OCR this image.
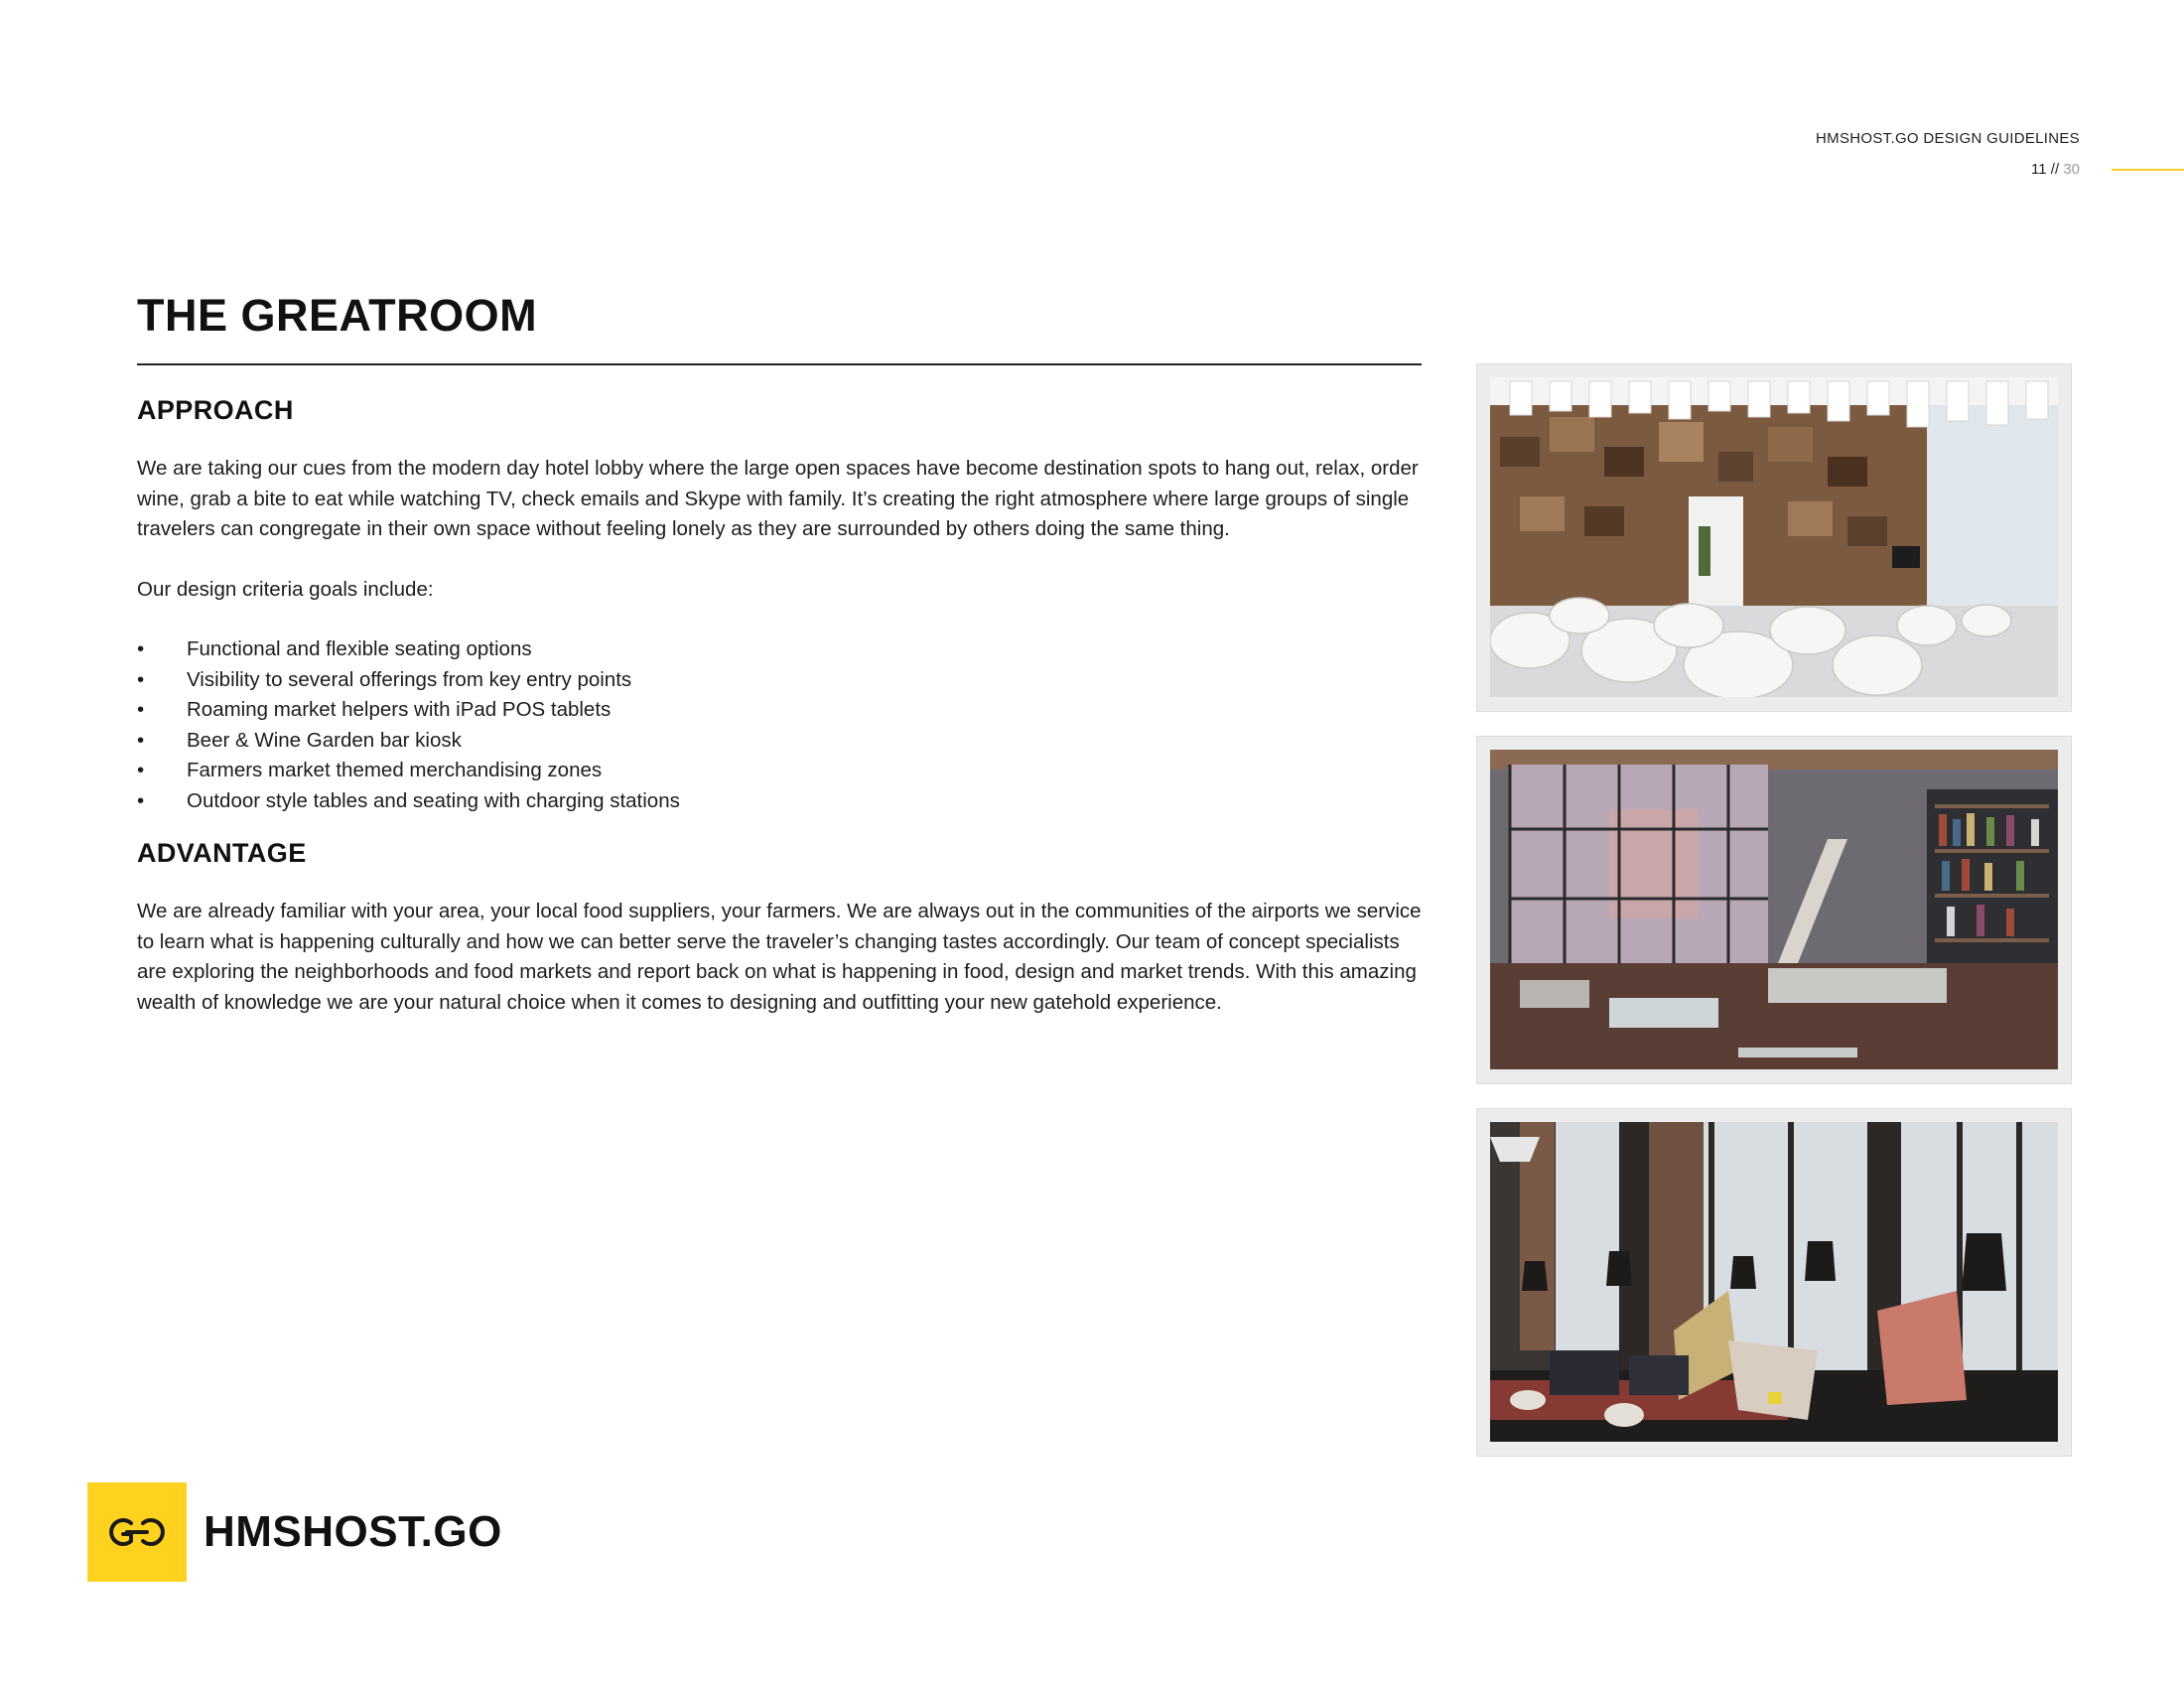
HMSHOST.GO DESIGN GUIDELINES
11 // 30
THE GREATROOM
APPROACH

We are taking our cues from the modern day hotel lobby where the large open spaces have become destination spots to hang out, relax, order wine, grab a bite to eat while watching TV, check emails and Skype with family. It’s creating the right atmosphere where large groups of single travelers can congregate in their own space without feeling lonely as they are surrounded by others doing the same thing.

Our design criteria goals include:

• Functional and flexible seating options
• Visibility to several offerings from key entry points
• Roaming market helpers with iPad POS tablets
• Beer & Wine Garden bar kiosk
• Farmers market themed merchandising zones
• Outdoor style tables and seating with charging stations
ADVANTAGE

We are already familiar with your area, your local food suppliers, your farmers. We are always out in the communities of the airports we service to learn what is happening culturally and how we can better serve the traveler’s changing tastes accordingly. Our team of concept specialists are exploring the neighborhoods and food markets and report back on what is happening in food, design and market trends. With this amazing wealth of knowledge we are your natural choice when it comes to designing and outfitting your new gatehold experience.

HMSHOST.GO
